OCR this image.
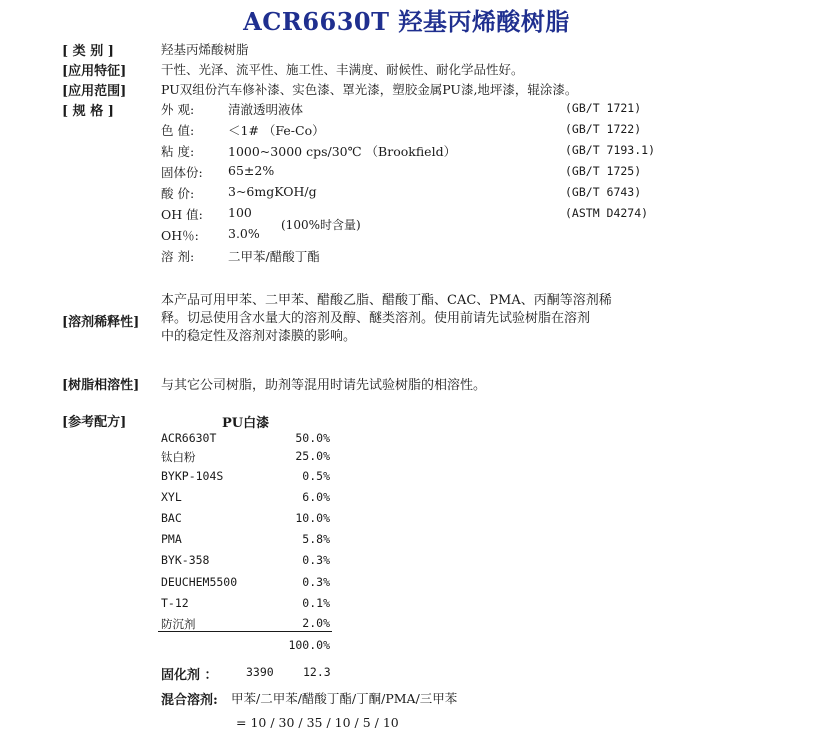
ACR6630T 羟基丙烯酸树脂
[ 类 别 ]	羟基丙烯酸树脂
[应用特征]	干性、光泽、流平性、施工性、丰满度、耐候性、耐化学品性好。
[应用范围]	PU双组份汽车修补漆、实色漆、罩光漆，塑胶金属PU漆,地坪漆，辊涂漆。
[ 规 格 ]	外 观:	清澈透明液体	(GB/T 1721)
色 值:	＜1# （Fe-Co）	(GB/T 1722)
粘 度:	1000~3000 cps/30℃ （Brookfield）	(GB/T 7193.1)
固体份: 65±2%	(GB/T 1725)
酸 价:	3~6mgKOH/g	(GB/T 6743)
OH 值: 100	(ASTM D4274)
(100%时含量)
OH％: 3.0%
溶 剂:	二甲苯/醋酸丁酯
[溶剂稀释性]
本产品可用甲苯、二甲苯、醋酸乙脂、醋酸丁酯、CAC、PMA、丙酮等溶剂稀
释。切忌使用含水量大的溶剂及醇、醚类溶剂。使用前请先试验树脂在溶剂
中的稳定性及溶剂对漆膜的影响。
[树脂相溶性] 与其它公司树脂，助剂等混用时请先试验树脂的相溶性。
[参考配方]	PU白漆
ACR6630T	50.0%
钛白粉	25.0%
BYKP-104S	0.5%
XYL	6.0%
BAC	10.0%
PMA	5.8%
BYK-358	0.3%
DEUCHEM5500	0.3%
T-12	0.1%
防沉剂	2.0%
100.0%
固化剂 ： 3390	12.3
混合溶剂: 甲苯/二甲苯/醋酸丁酯/丁酮/PMA/三甲苯
= 10 / 30 / 35 / 10 / 5 / 10
